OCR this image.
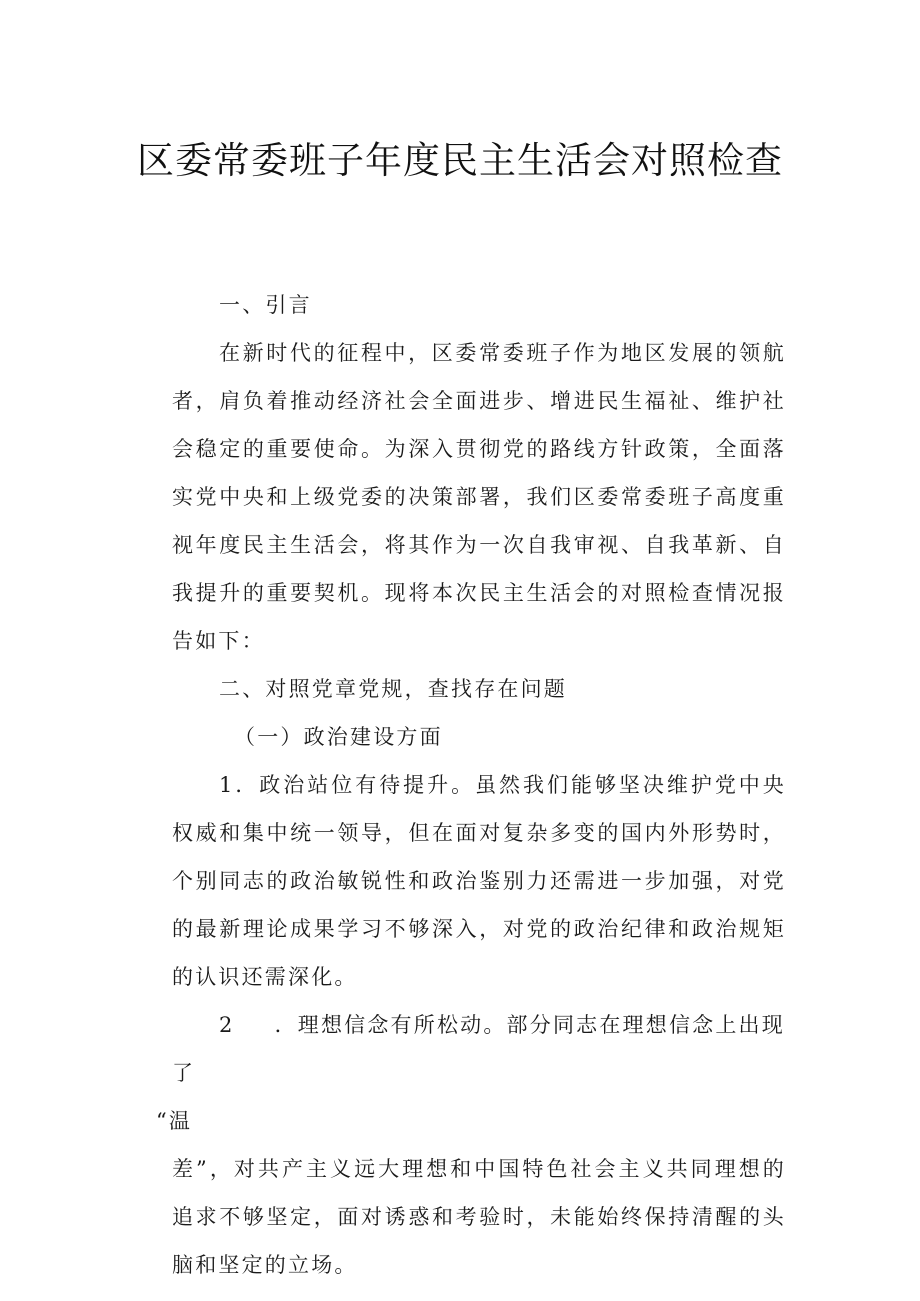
区委常委班子年度民主生活会对照检查

一、引言

在新时代的征程中，区委常委班子作为地区发展的领航者，肩负着推动经济社会全面进步、增进民生福祉、维护社会稳定的重要使命。为深入贯彻党的路线方针政策，全面落实党中央和上级党委的决策部署，我们区委常委班子高度重视年度民主生活会，将其作为一次自我审视、自我革新、自我提升的重要契机。现将本次民主生活会的对照检查情况报告如下：

二、对照党章党规，查找存在问题

（一）政治建设方面

1．政治站位有待提升。虽然我们能够坚决维护党中央权威和集中统一领导，但在面对复杂多变的国内外形势时，个别同志的政治敏锐性和政治鉴别力还需进一步加强，对党的最新理论成果学习不够深入，对党的政治纪律和政治规矩的认识还需深化。

2 ．理想信念有所松动。部分同志在理想信念上出现了

“温

差”，对共产主义远大理想和中国特色社会主义共同理想的追求不够坚定，面对诱惑和考验时，未能始终保持清醒的头脑和坚定的立场。
